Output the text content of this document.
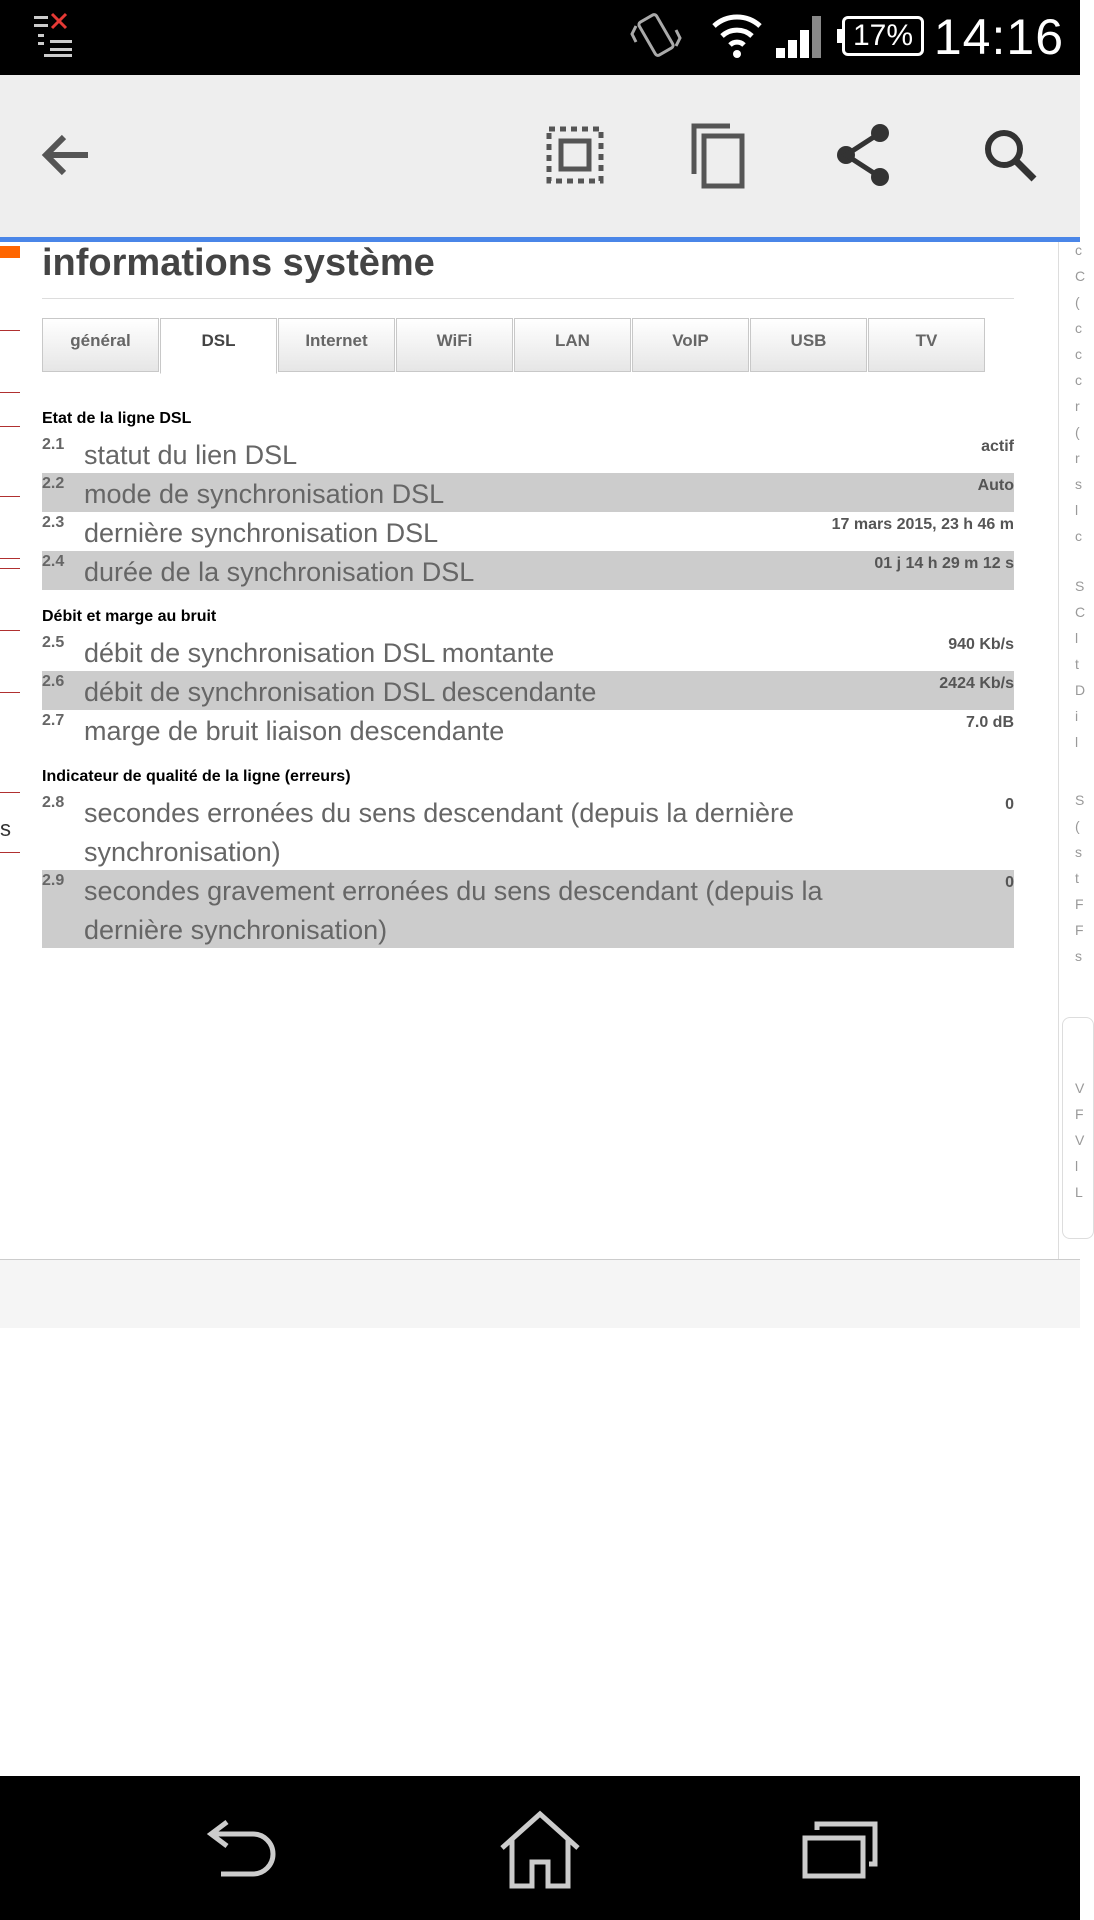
17% 14:16
s
c
C
(
c
c
c
r
(
r
s
l
c
S
C
l
t
D
i
l
S
(
s
t
F
F
s
V
F
V
l
L
informations système
général	DSL	Internet	WiFi	LAN	VoIP	USB	TV
Etat de la ligne DSL
2.1 statut du lien DSL	actif
2.2 mode de synchronisation DSL	Auto
2.3 dernière synchronisation DSL	17 mars 2015, 23 h 46 m
2.4 durée de la synchronisation DSL	01 j 14 h 29 m 12 s
Débit et marge au bruit
2.5 débit de synchronisation DSL montante	940 Kb/s
2.6 débit de synchronisation DSL descendante	2424 Kb/s
2.7 marge de bruit liaison descendante	7.0 dB
Indicateur de qualité de la ligne (erreurs)
2.8 secondes erronées du sens descendant (depuis la dernière synchronisation)
0
2.9 secondes gravement erronées du sens descendant (depuis la dernière synchronisation)
0
